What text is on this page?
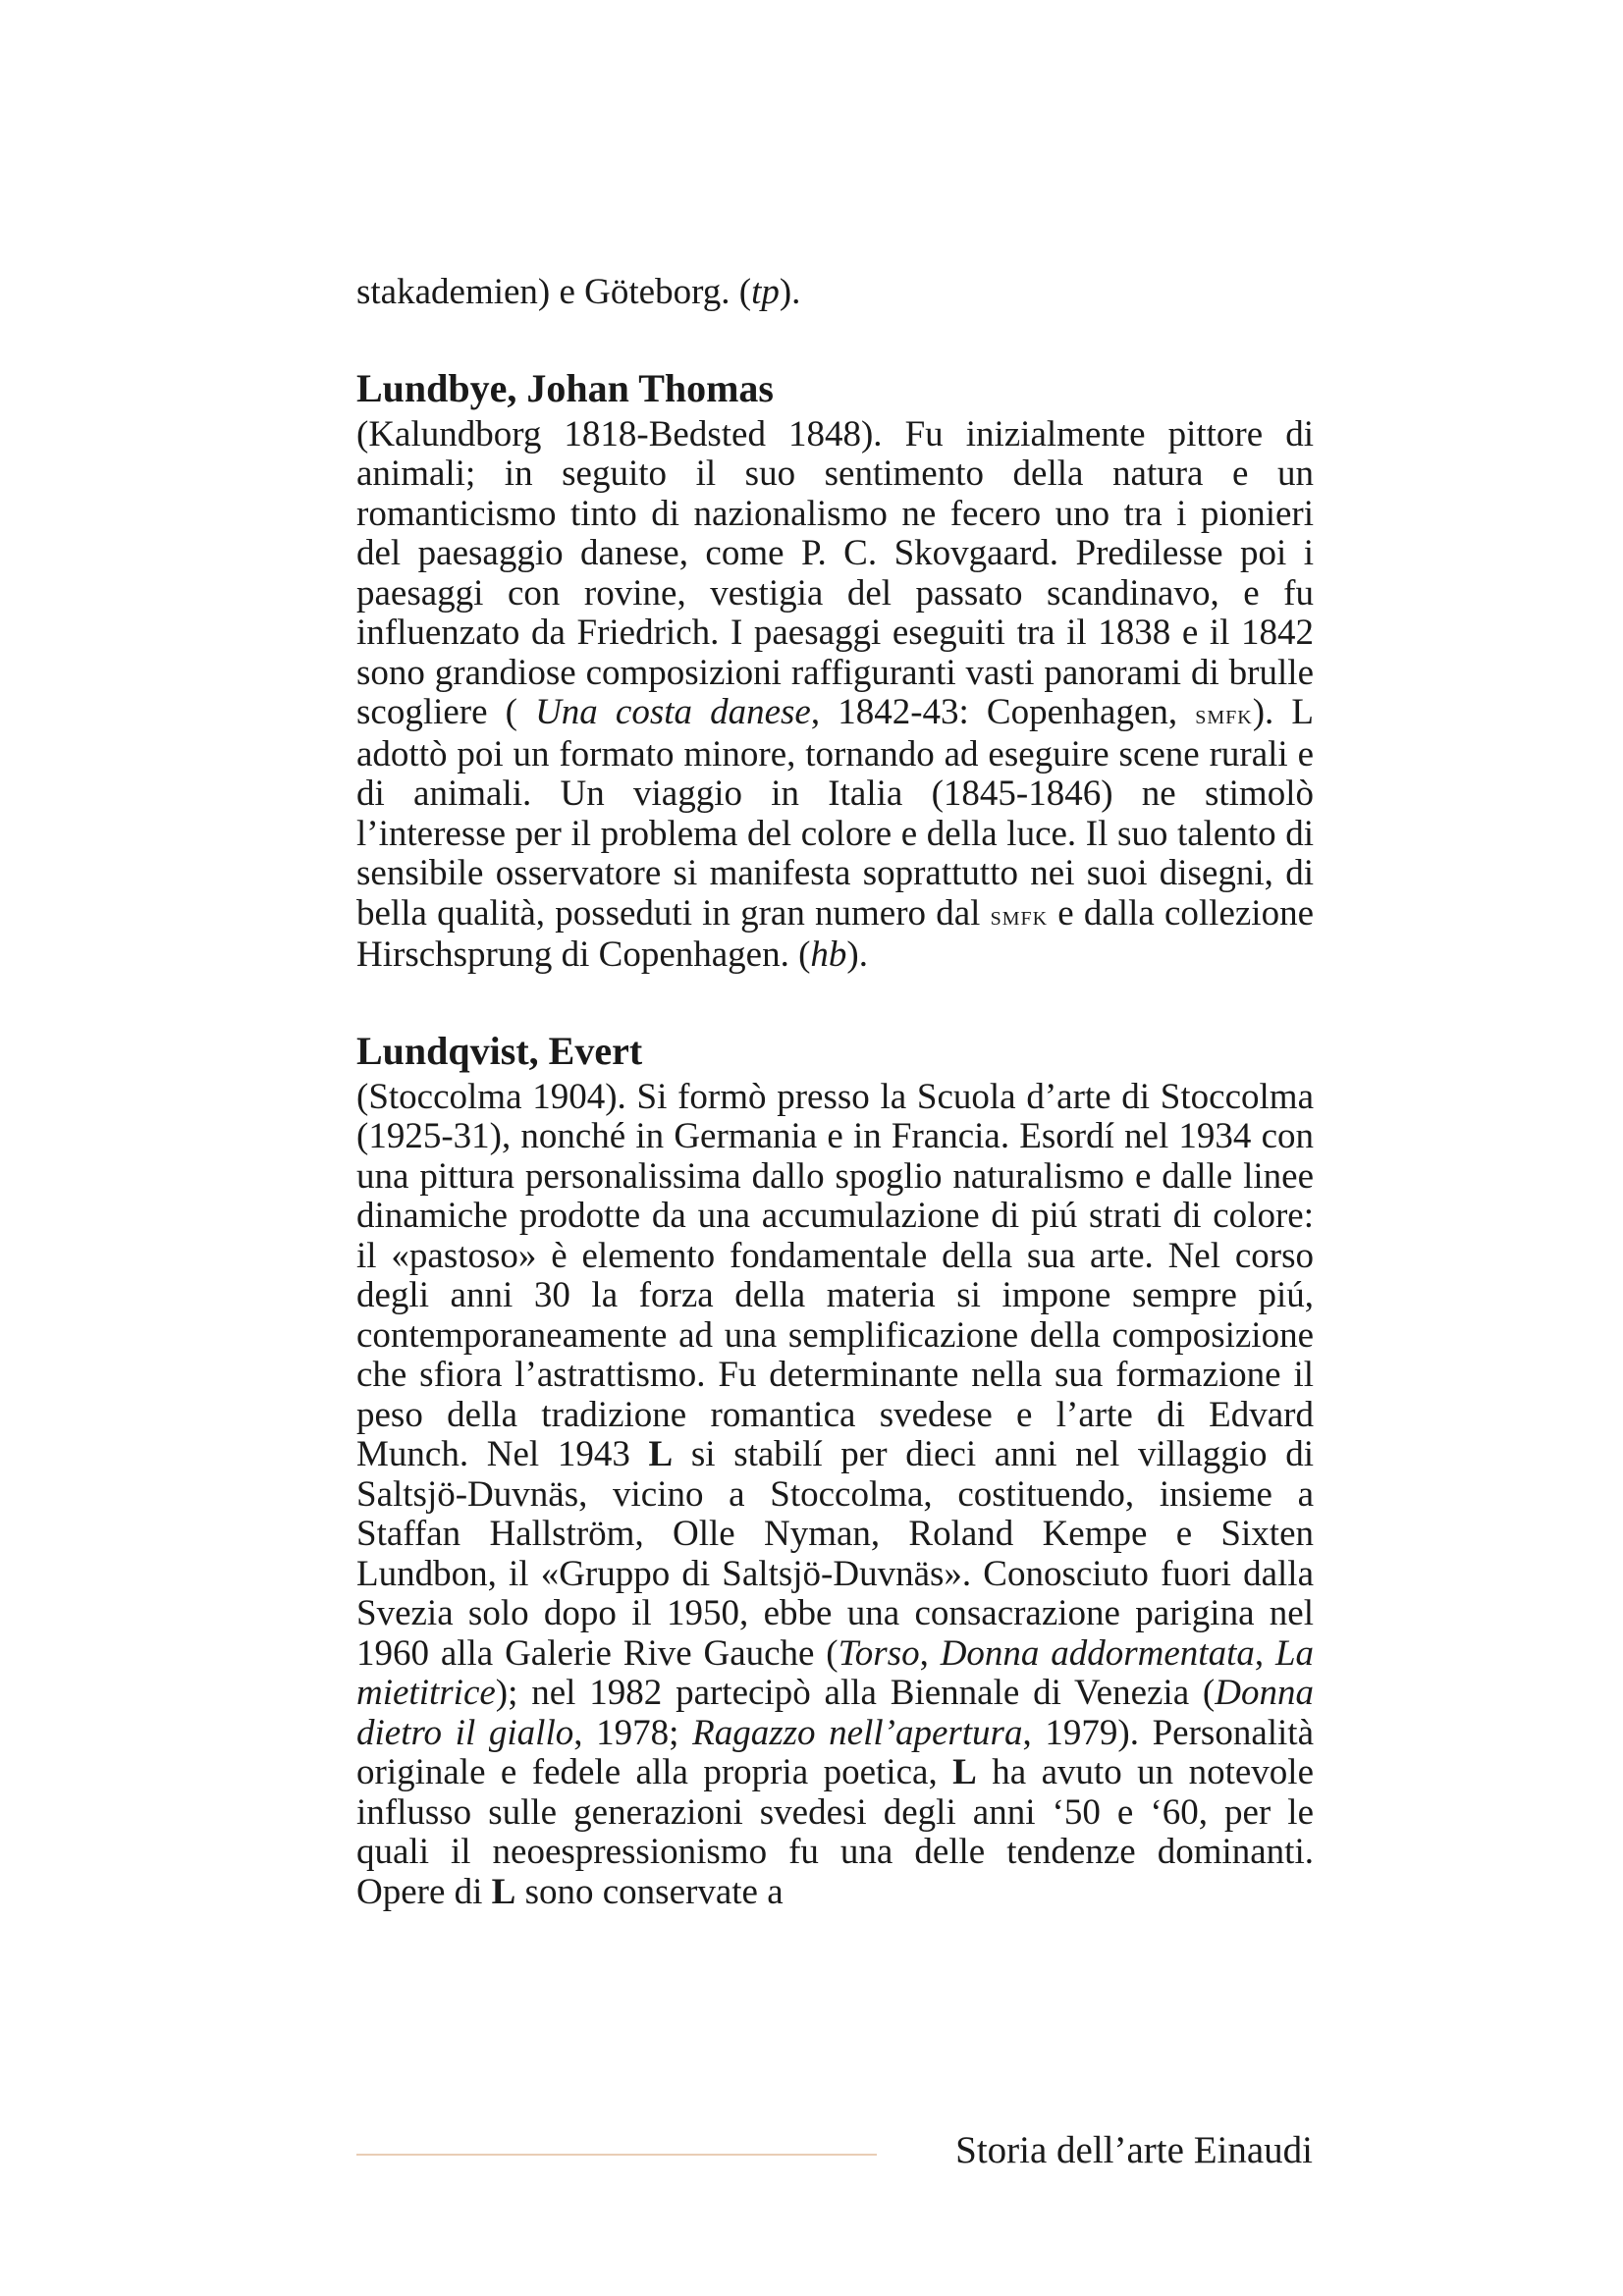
stakademien) e Göteborg. (tp).

Lundbye, Johan Thomas

(Kalundborg 1818-Bedsted 1848). Fu inizialmente pittore di animali; in seguito il suo sentimento della natura e un romanticismo tinto di nazionalismo ne fecero uno tra i pionieri del paesaggio danese, come P. C. Skovgaard. Predilesse poi i paesaggi con rovine, vestigia del passato scandinavo, e fu influenzato da Friedrich. I paesaggi eseguiti tra il 1838 e il 1842 sono grandiose composizioni raffiguranti vasti panorami di brulle scogliere ( Una costa danese, 1842-43: Copenhagen, smfk). L adottò poi un formato minore, tornando ad eseguire scene rurali e di animali. Un viaggio in Italia (1845-1846) ne stimolò l’interesse per il problema del colore e della luce. Il suo talento di sensibile osservatore si manifesta soprattutto nei suoi disegni, di bella qualità, posseduti in gran numero dal smfk e dalla collezione Hirschsprung di Copenhagen. (hb).

Lundqvist, Evert

(Stoccolma 1904). Si formò presso la Scuola d’arte di Stoccolma (1925-31), nonché in Germania e in Francia. Esordí nel 1934 con una pittura personalissima dallo spoglio naturalismo e dalle linee dinamiche prodotte da una accumulazione di piú strati di colore: il «pastoso» è elemento fondamentale della sua arte. Nel corso degli anni 30 la forza della materia si impone sempre piú, contemporaneamente ad una semplificazione della composizione che sfiora l’astrattismo. Fu determinante nella sua formazione il peso della tradizione romantica svedese e l’arte di Edvard Munch. Nel 1943 L si stabilí per dieci anni nel villaggio di Saltsjö-Duvnäs, vicino a Stoccolma, costituendo, insieme a Staffan Hallström, Olle Nyman, Roland Kempe e Sixten Lundbon, il «Gruppo di Saltsjö-Duvnäs». Conosciuto fuori dalla Svezia solo dopo il 1950, ebbe una consacrazione parigina nel 1960 alla Galerie Rive Gauche (Torso, Donna addormentata, La mietitrice); nel 1982 partecipò alla Biennale di Venezia (Donna dietro il giallo, 1978; Ragazzo nell’apertura, 1979). Personalità originale e fedele alla propria poetica, L ha avuto un notevole influsso sulle generazioni svedesi degli anni ‘50 e ‘60, per le quali il neoespressionismo fu una delle tendenze dominanti. Opere di L sono conservate a

Storia dell’arte Einaudi
